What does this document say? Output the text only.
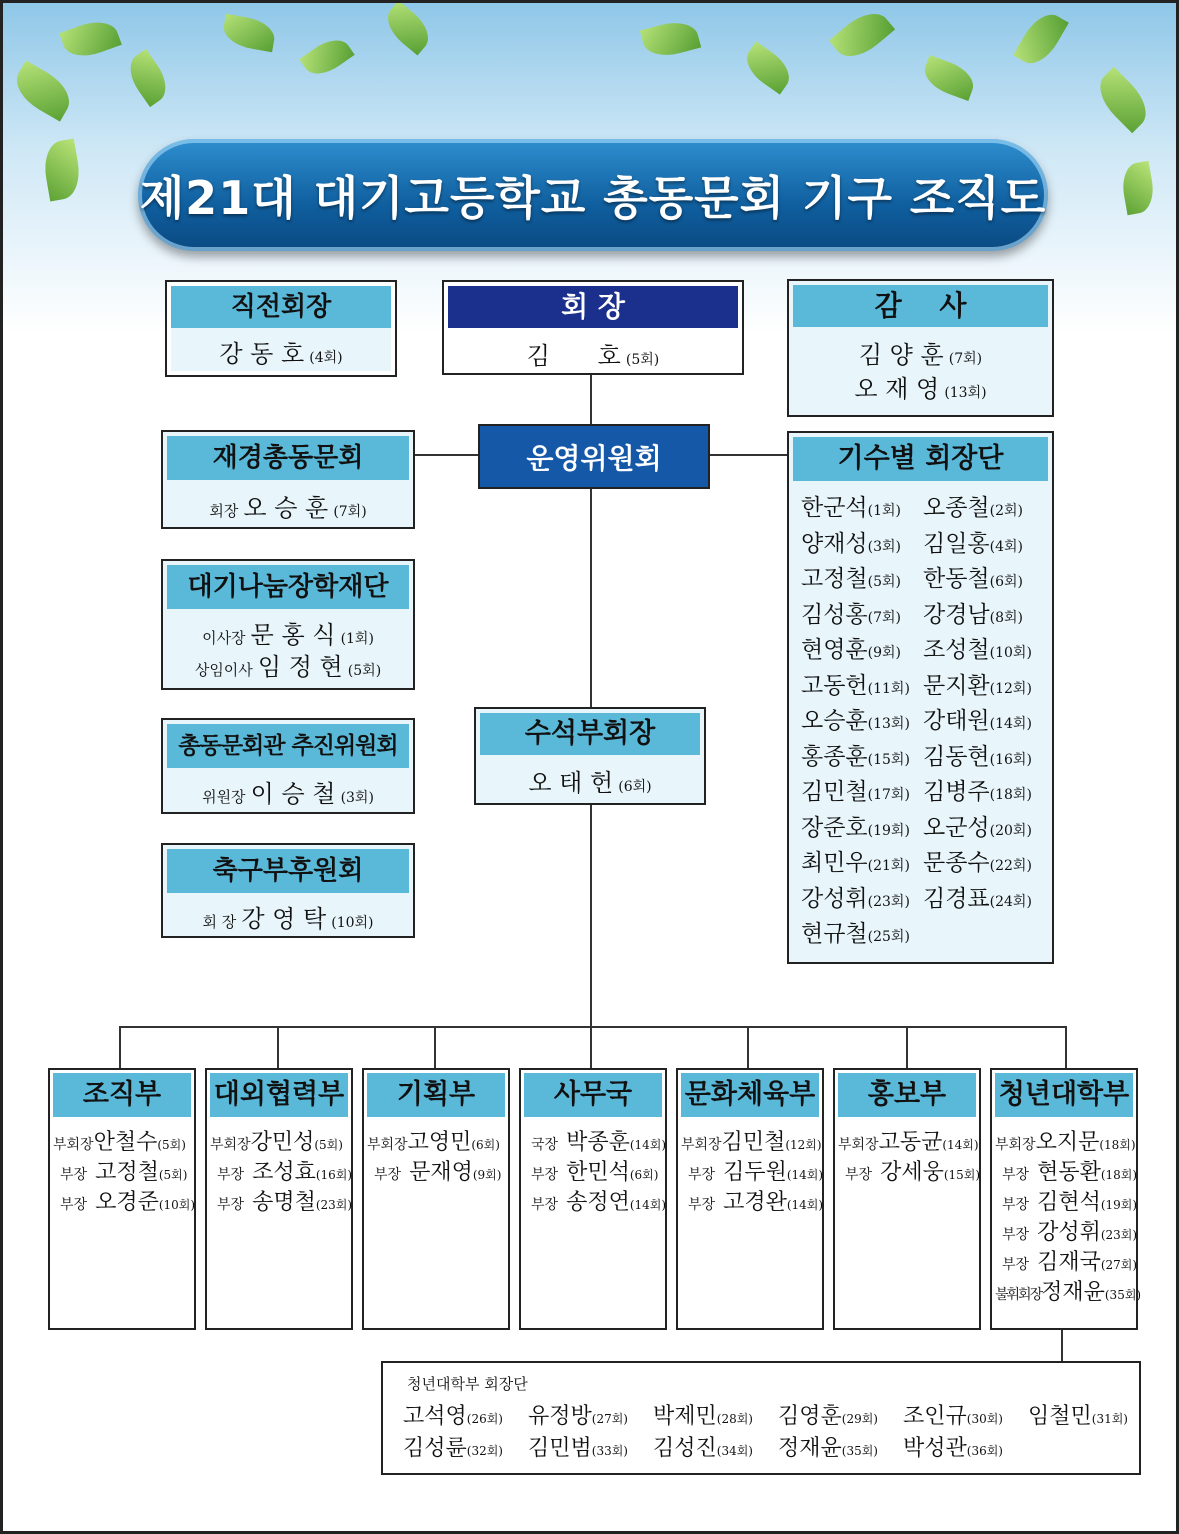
제21대 대기고등학교 총동문회 기구 조직도
직전회장
강 동 호 (4회)
회 장
김 호 (5회)
감 사
김 양 훈 (7회)
오 재 영 (13회)
운영위원회
재경총동문회
회장 오 승 훈 (7회)
대기나눔장학재단
이사장 문 홍 식 (1회)
상임이사 임 정 현 (5회)
총동문회관 추진위원회
위원장 이 승 철 (3회)
축구부후원회
회 장 강 영 탁 (10회)
수석부회장
오 태 헌 (6회)
기수별 회장단
한군석(1회) 오종철(2회)
양재성(3회) 김일홍(4회)
고정철(5회) 한동철(6회)
김성홍(7회) 강경남(8회)
현영훈(9회) 조성철(10회)
고동헌(11회) 문지환(12회)
오승훈(13회) 강태원(14회)
홍종훈(15회) 김동현(16회)
김민철(17회) 김병주(18회)
장준호(19회) 오군성(20회)
최민우(21회) 문종수(22회)
강성휘(23회) 김경표(24회)
현규철(25회)
조직부
부회장 안철수 (5회)
부장 고정철 (5회)
부장 오경준 (10회)
대외협력부
부회장 강민성 (5회)
부장 조성효 (16회)
부장 송명철 (23회)
기획부
부회장 고영민 (6회)
부장 문재영 (9회)
사무국
국장 박종훈 (14회)
부장 한민석 (6회)
부장 송정연 (14회)
문화체육부
부회장 김민철 (12회)
부장 김두원 (14회)
부장 고경완 (14회)
홍보부
부회장 고동균 (14회)
부장 강세웅 (15회)
청년대학부
부회장 오지문 (18회)
부장 현동환 (18회)
부장 김현석 (19회)
부장 강성휘 (23회)
부장 김재국 (27회)
불휘회장 정재윤 (35회)
청년대학부 회장단
고석영(26회) 유정방(27회) 박제민(28회) 김영훈(29회) 조인규(30회) 임철민(31회)
김성륜(32회) 김민범(33회) 김성진(34회) 정재윤(35회) 박성관(36회)
